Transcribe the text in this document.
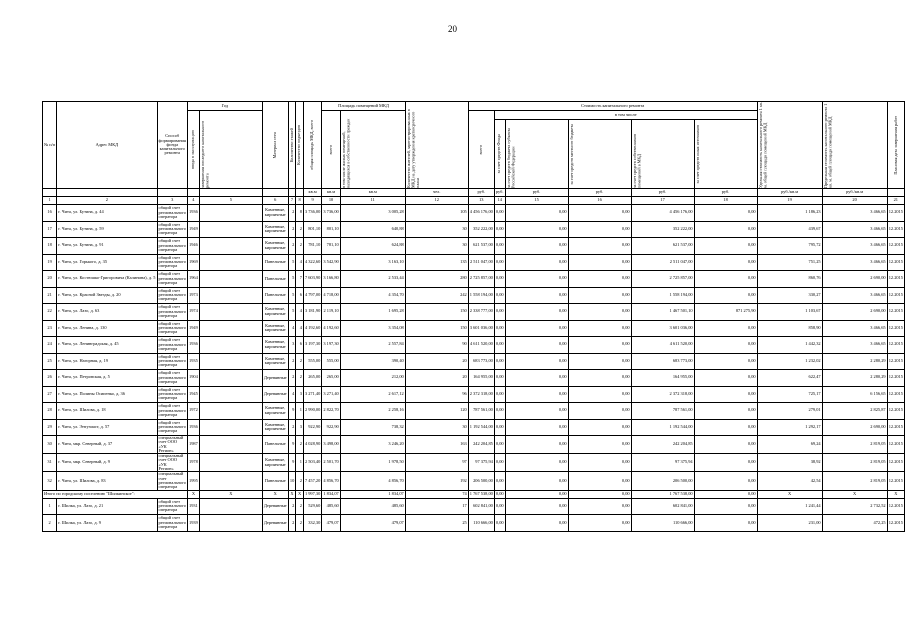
20
№ п/п	Адрес МКД	Способ формирования фонда капитального ремонта	Год		Материал стен	Количество этажей	Количество подъездов	общая площадь МКД, всего	Площадь помещений МКД		Количество жителей, зарегистрированных в МКД на дату утверждения краткосрочного плана	Стоимость капитального ремонта						Удельная стоимость капитального ремонта 1 кв. м. общей площади помещений МКД	Предельная стоимость капитального ремонта 1 кв. м. общей площади помещений МКД	Плановая дата завершения работ

			ввода в эксплуатацию	завершения последнего капитального ремонта					всего	в том числе жилых помещений, находящихся в собственности граждан		всего	в том числе							

													за счет средств Фонда	за счет средств бюджета субъекта Российской Федерации	за счет средств местного бюджета	за счет средств собственников помещений в МКД	за счет средств иных источников			

								кв.м	кв.м	кв.м	чел.	руб.	руб.	руб.	руб.	руб.	руб.	руб./кв.м	руб./кв.м	
1	2	3	4	5	6	7	8	9	10	11	12	13	14	15	16	17	18	19	20	21
16	г. Чита, ул. Бутина, д. 44	общий счет
регионального
оператора	1936		Каменные,
кирпичные	2	8	3 736,00	3 736,00	3 005,28	105	4 456 176,00	0,00	0,00	0,00	4 456 176,00	0,00	1 186,23	3 466,65	12.2015
17	г. Чита, ул. Бутина, д. 59	общий счет
регионального
оператора	1949		Каменные,
кирпичные	2	2	801,10	801,10	640,88	30	352 222,00	0,00	0,00	0,00	352 222,00	0,00	439,67	3 466,65	12.2015
18	г. Чита, ул. Бутина, д. 91	общий счет
регионального
оператора	1946		Каменные,
кирпичные	2	2	781,10	781,10	624,88	30	621 537,00	0,00	0,00	0,00	621 537,00	0,00	795,72	3 466,65	12.2015
19	г. Чита, ул. Горького, д. 35	общий счет
регионального
оператора	1969		Панельные	5	4	4 322,60	3 542,90	3 163,10	135	2 511 047,00	0,00	0,00	0,00	2 511 047,00	0,00	751,25	3 466,65	12.2015
20	г. Чита, ул. Костюшко-Григоровича (Калинина), д. 5	общий счет
регионального
оператора	1964		Панельные	5	7	7 603,90	3 166,80	2 533,44	280	2 725 857,00	0,00	0,00	0,00	2 725 857,00	0,00	860,76	2 690,00	12.2015
21	г. Чита, ул. Красной Звезды, д. 20	общий счет
регионального
оператора	1973		Панельные	5	6	4 797,00	4 718,00	4 354,70	242	1 558 194,00	0,00	0,00	0,00	1 558 194,00	0,00	330,27	3 466,65	12.2015
22	г. Чита, ул. Лазо, д. 63	общий счет
регионального
оператора	1974		Каменные,
кирпичные	5	4	3 181,90	2 119,10	1 695,28	150	2 338 777,00	0,00	0,00	0,00	1 467 501,10	871 275,90	1 103,67	2 690,00	12.2015
23	г. Чита, ул. Ленина, д. 130	общий счет
регионального
оператора	1949		Каменные,
кирпичные	4	4	4 192,60	4 192,60	3 354,08	150	3 601 036,00	0,00	0,00	0,00	3 601 036,00	0,00	858,90	3 466,65	12.2015
24	г. Чита, ул. Ленинградская, д. 45	общий счет
регионального
оператора	1936		Каменные,
кирпичные	3	6	3 197,30	3 197,30	2 557,84	90	4 611 520,00	0,00	0,00	0,00	4 611 520,00	0,00	1 442,32	3 466,65	12.2015
25	г. Чита, ул. Нагорная, д. 19	общий счет
регионального
оператора	1935		Каменные,
кирпичные	2	2	555,00	555,00	390,40	20	683 773,00	0,00	0,00	0,00	683 773,00	0,00	1 232,02	2 280,29	12.2015
26	г. Чита, ул. Петровская, д. 5	общий счет
регионального
оператора	1904		Деревянные	2	2	265,00	265,00	212,00	20	164 955,00	0,00	0,00	0,00	164 955,00	0,00	622,47	2 280,29	12.2015
27	г. Чита, ул. Полины Осипенко, д. 36	общий счет
регионального
оператора	1945		Деревянные	4	3	3 271,40	3 271,40	2 617,12	96	2 372 318,00	0,00	0,00	0,00	2 372 318,00	0,00	725,17	6 156,65	12.2015
28	г. Чита, ул. Шилова, д. 18	общий счет
регионального
оператора	1972		Каменные,
кирпичные	9	1	2 990,00	2 822,70	2 258,16	120	787 561,00	0,00	0,00	0,00	787 561,00	0,00	279,01	2 825,87	12.2015
29	г. Чита, ул. Энтузиаст, д. 57	общий счет
регионального
оператора	1936		Каменные,
кирпичные	2	3	922,90	922,90	738,32	30	1 192 544,00	0,00	0,00	0,00	1 192 544,00	0,00	1 292,17	2 690,00	12.2015
30	г. Чита, мкр. Северный, д. 37	специальный
счет ООО «УК
Регион»	1987		Панельные	9	2	4 028,90	3 498,00	3 246,20	163	242 204,85	0,00	0,00	0,00	242 204,85	0,00	69,24	2 819,05	12.2015
31	г. Чита, мкр. Северный, д. 9	специальный
счет ООО «УК
Регион»	1978		Каменные,
кирпичные	9	1	2 503,40	2 501,70	1 978,50	97	97 375,94	0,00	0,00	0,00	97 375,94	0,00	38,92	2 819,05	12.2015
32	г. Чита, ул. Шилова, д. 83	специальный
счет
регионального
оператора	1995		Панельные	10	2	7 457,20	4 856,70	4 856,70	192	206 500,00	0,00	0,00	0,00	206 500,00	0,00	42,54	2 819,05	12.2015
Итого по городскому поселению "Шилкинское":			X	X	X	X	X	1 997,30	1 834,07	1 834,07	74	1 767 538,00	0,00	0,00	0,00	1 767 538,00	0,00	X	X	X
1	г. Шилка, ул. Лазо, д. 21	общий счет
регионального
оператора	1931		Деревянные	2	2	529,60	485,60	485,60	17	602 841,00	0,00	0,00	0,00	602 841,00	0,00	1 241,44	2 732,52	12.2015
2	г. Шилка, ул. Лазо, д. 9	общий счет
регионального
оператора	1939		Деревянные	2	2	332,30	479,07	479,07	25	110 666,00	0,00	0,00	0,00	110 666,00	0,00	231,00	472,25	12.2015
